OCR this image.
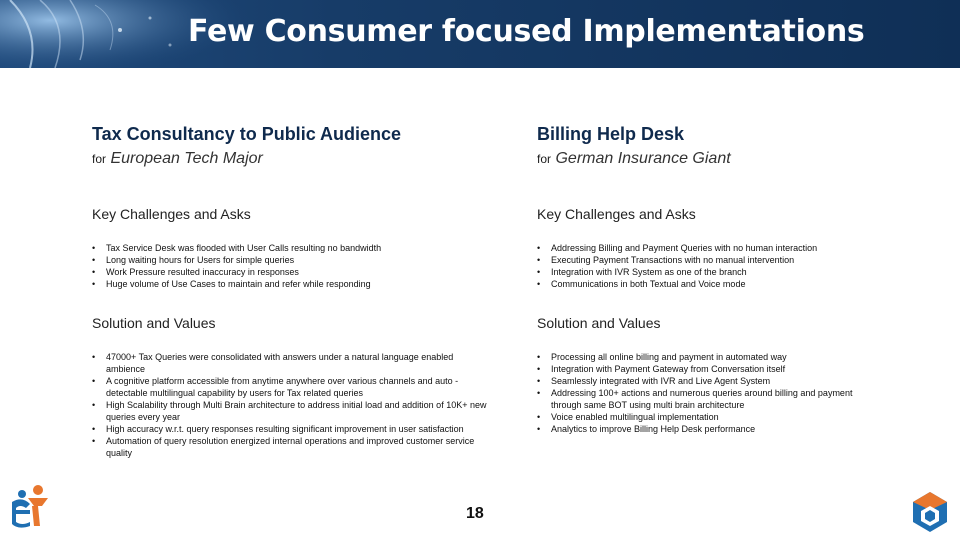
Few Consumer focused Implementations
Tax Consultancy to Public Audience
for European Tech Major
Key Challenges and Asks
• Tax Service Desk was flooded with User Calls resulting no bandwidth
• Long waiting hours for Users for simple queries
• Work Pressure resulted inaccuracy in responses
• Huge volume of Use Cases to maintain and refer while responding
Solution and Values
• 47000+ Tax Queries were consolidated with answers under a natural language enabled ambience
• A cognitive platform accessible from anytime anywhere over various channels and auto -detectable multilingual capability by users for Tax related queries
• High Scalability through Multi Brain architecture to address initial load and addition of 10K+ new queries every year
• High accuracy w.r.t. query responses resulting significant improvement in user satisfaction
• Automation of query resolution energized internal operations and improved customer service quality
Billing Help Desk
for German Insurance Giant
Key Challenges and Asks
• Addressing Billing and Payment Queries with no human interaction
• Executing Payment Transactions with no manual intervention
• Integration with IVR System as one of the branch
• Communications in both Textual and Voice mode
Solution and Values
• Processing all online billing and payment in automated way
• Integration with Payment Gateway from Conversation itself
• Seamlessly integrated with IVR and Live Agent System
• Addressing 100+ actions and numerous queries around billing and payment through same BOT using multi brain architecture
• Voice enabled multilingual implementation
• Analytics to improve Billing Help Desk performance
18
